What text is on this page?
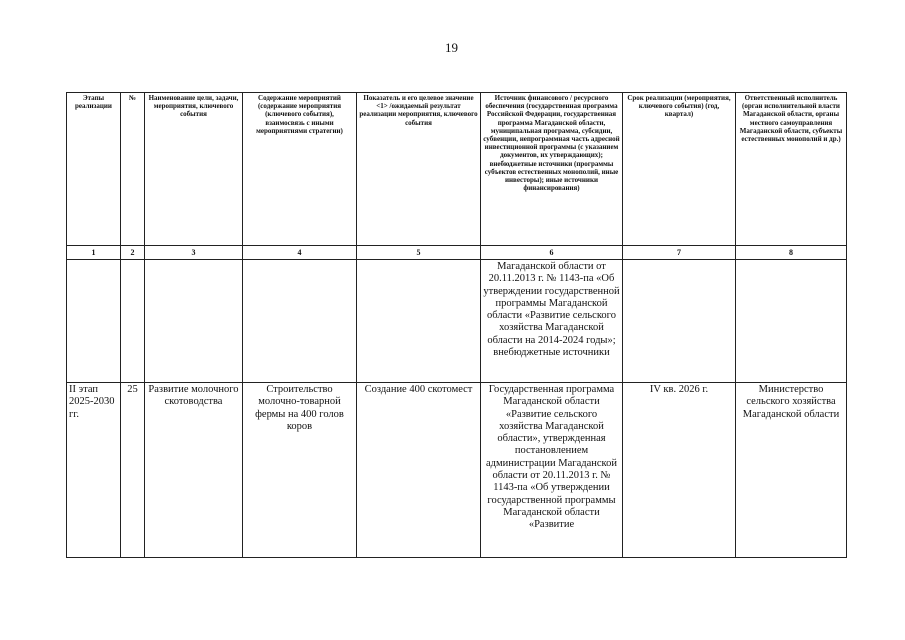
19
Этапы реализации	№	Наименование цели, задачи, мероприятия, ключевого события	Содержание мероприятий (содержание мероприятия (ключевого события), взаимосвязь с иными мероприятиями стратегии)	Показатель и его целевое значение <1> /ожидаемый результат реализации мероприятия, ключевого события	Источник финансового / ресурсного обеспечения (государственная программа Российской Федерации, государственная программа Магаданской области, муниципальная программа, субсидии, субвенции, непрограммная часть адресной инвестиционной программы (с указанием документов, их утверждающих); внебюджетные источники (программы субъектов естественных монополий, иные инвесторы); иные источники финансирования)	Срок реализации (мероприятия, ключевого события) (год, квартал)	Ответственный исполнитель (орган исполнительной власти Магаданской области, органы местного самоуправления Магаданской области, субъекты естественных монополий и др.)
1	2	3	4	5	6	7	8
					Магаданской области от 20.11.2013 г. № 1143-па «Об утверждении государственной программы Магаданской области «Развитие сельского хозяйства Магаданской области на 2014-2024 годы»; внебюджетные источники		
II этап 2025-2030 гг.	25	Развитие молочного скотоводства	Строительство молочно-товарной фермы на 400 голов коров	Создание 400 скотомест	Государственная программа Магаданской области «Развитие сельского хозяйства Магаданской области», утвержденная постановлением администрации Магаданской области от 20.11.2013 г. № 1143-па «Об утверждении государственной программы Магаданской области «Развитие	IV кв. 2026 г.	Министерство сельского хозяйства Магаданской области
